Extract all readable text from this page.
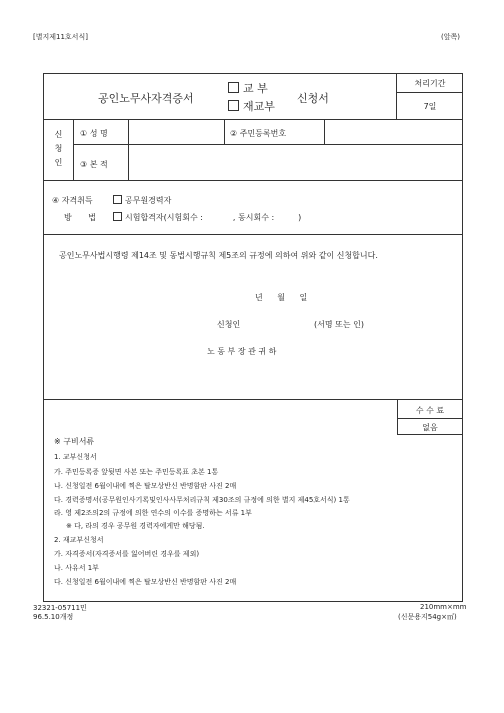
[별지제11호서식]	(앞쪽)
공인노무사자격증서
교 부
재교부
신청서
처리기간
7일
신청인
① 성 명	② 주민등록번호
③ 본 적
④ 자격취득
방 법
공무원경력자
시험합격자(시험회수 :	, 동시회수 :	)
공인노무사법시행령 제14조 및 동법시행규칙 제5조의 규정에 의하여 위와 같이 신청합니다.
년 월 일
신청인	(서명 또는 인)
노 동 부 장 관 귀 하
수 수 료
없음
※ 구비서류
1. 교부신청서
가. 주민등록증 앞뒷면 사본 또는 주민등록표 초본 1통
나. 신청일전 6월이내에 찍은 탈모상반신 반명함판 사진 2매
다. 경력증명서(공무원인사기록및인사사무처리규칙 제30조의 규정에 의한 별지 제45호서식) 1통
라. 영 제2조의2의 규정에 의한 연수의 이수를 증명하는 서류 1부
※ 다, 라의 경우 공무원 경력자에게만 해당됨.
2. 재교부신청서
가. 자격증서(자격증서를 잃어버린 경우를 제외)
나. 사유서 1부
다. 신청일전 6월이내에 찍은 탈모상반신 반명함판 사진 2매
32321-05711민
96.5.10개정
210mm×mm
(신문용지54g×㎡)
